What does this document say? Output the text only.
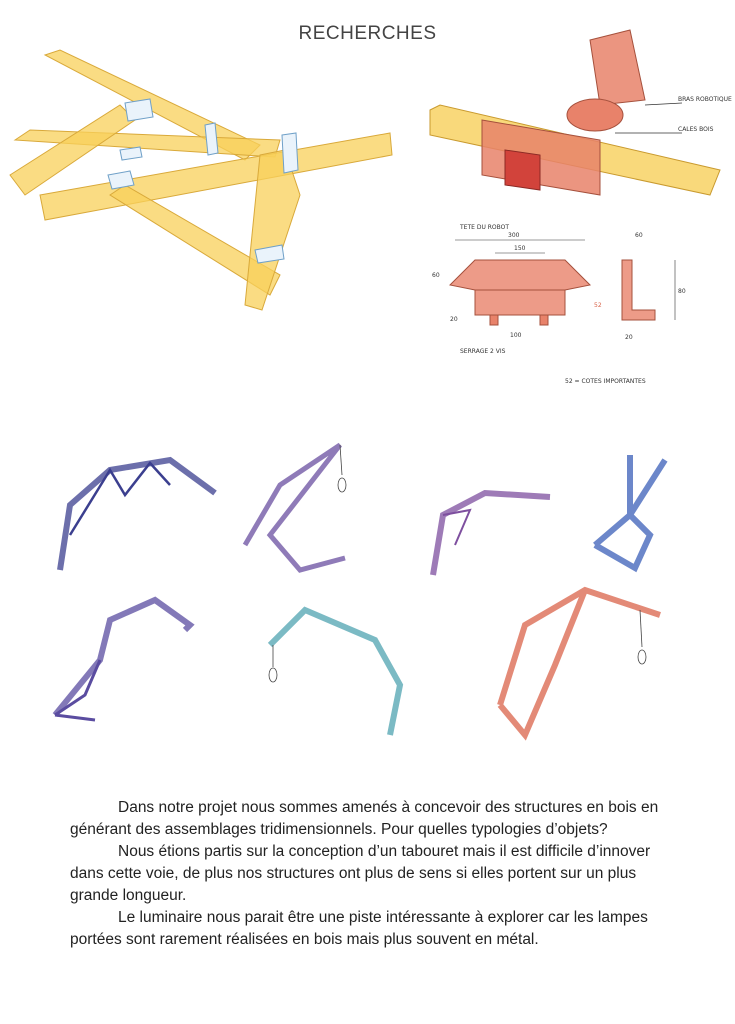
RECHERCHES
BRAS ROBOTIQUE
CALES BOIS
TETE DU ROBOT
300
150
60
52
20
100
SERRAGE 2 VIS
60
80
20
52 = COTES IMPORTANTES

Dans notre projet nous sommes amenés à concevoir des structures en bois en générant des assemblages tridimensionnels. Pour quelles typologies d’objets?

Nous étions partis sur la conception d’un tabouret mais il est difficile d’innover dans cette voie, de plus nos structures ont plus de sens si elles portent sur un plus grande longueur.

Le luminaire nous parait être une piste intéressante à explorer car les lampes portées sont rarement réalisées en bois mais plus souvent en métal.
